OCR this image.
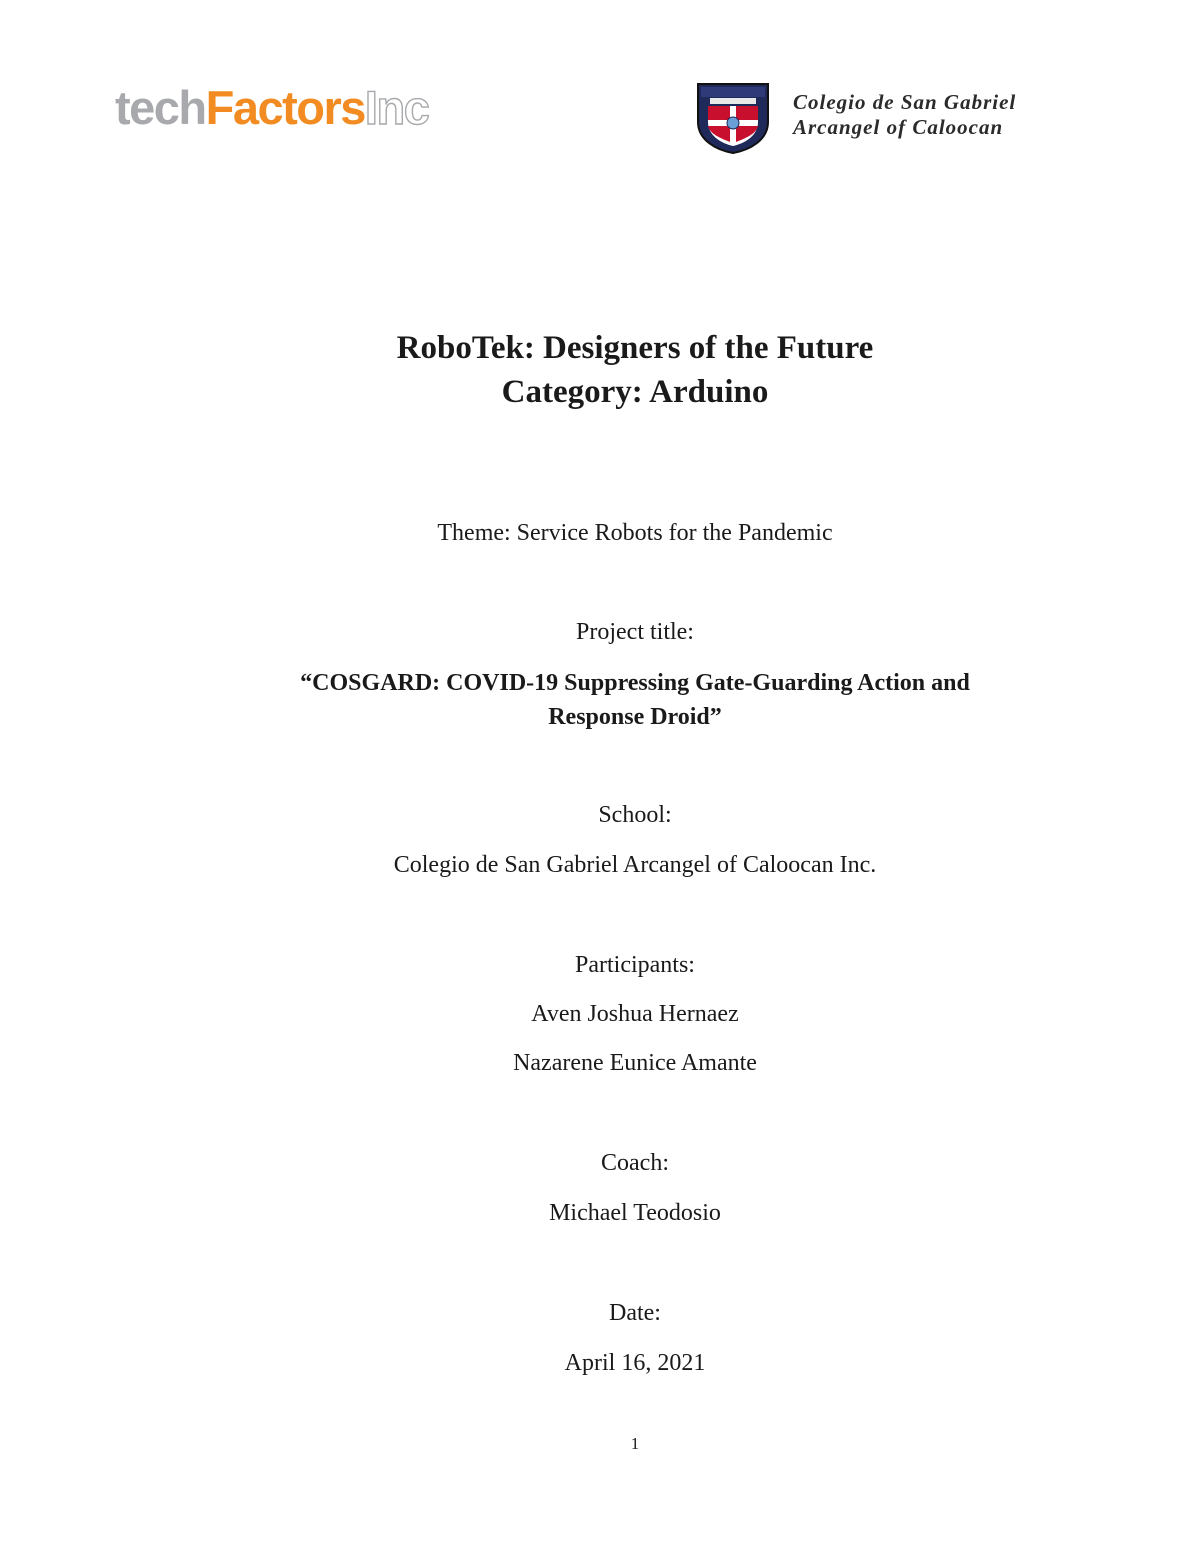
techFactorsInc	Colegio de San Gabriel
Arcangel of Caloocan
RoboTek: Designers of the Future
Category: Arduino
Theme: Service Robots for the Pandemic
Project title:
“COSGARD: COVID-19 Suppressing Gate-Guarding Action and
Response Droid”
School:
Colegio de San Gabriel Arcangel of Caloocan Inc.
Participants:
Aven Joshua Hernaez
Nazarene Eunice Amante
Coach:
Michael Teodosio
Date:
April 16, 2021
1
